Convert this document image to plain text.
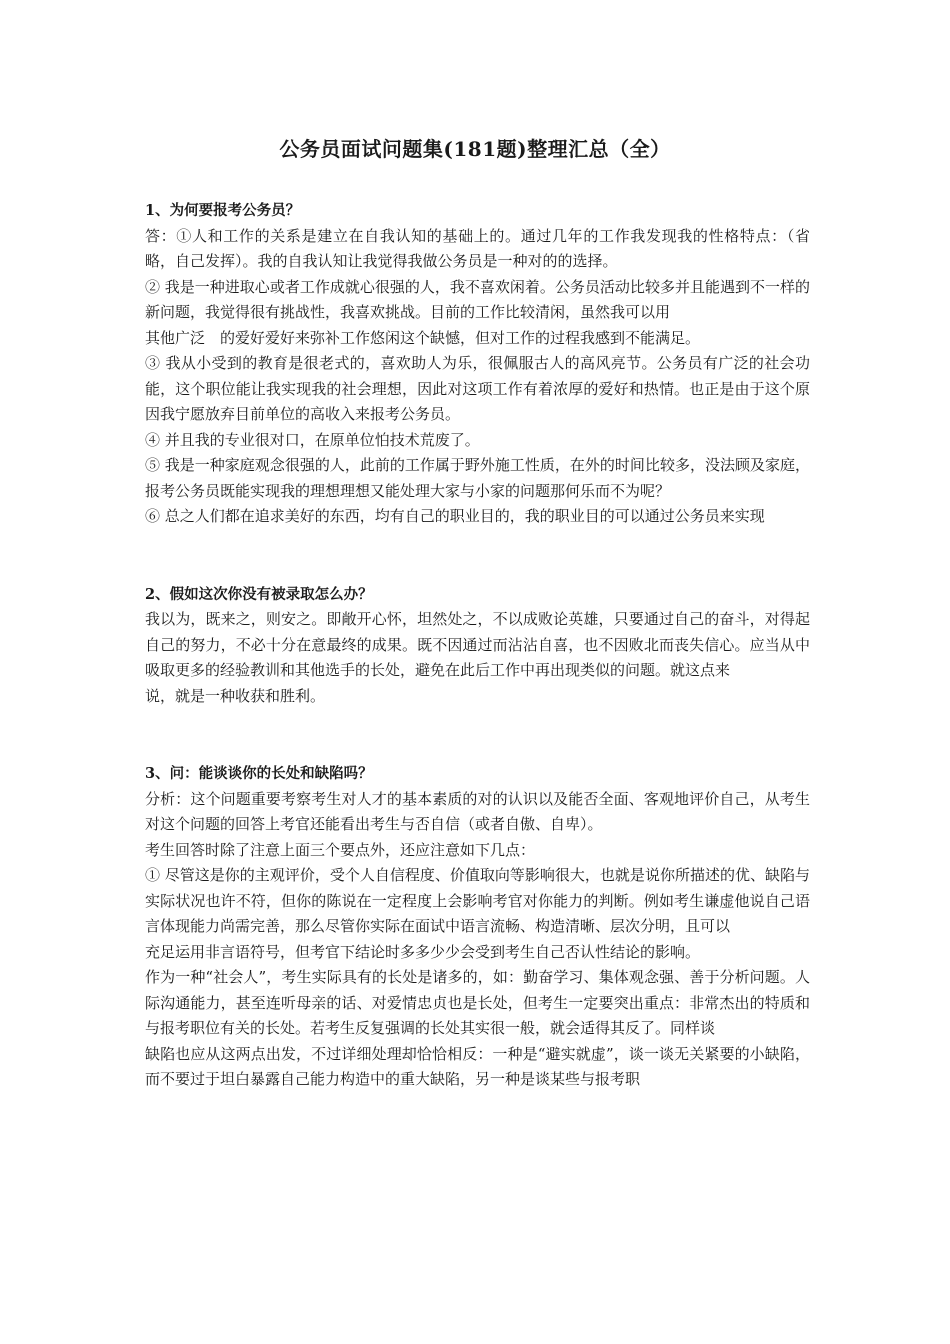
公务员面试问题集(181题)整理汇总（全）

1、为何要报考公务员？

答：①人和工作的关系是建立在自我认知的基础上的。通过几年的工作我发现我的性格特点：（省略，自己发挥）。我的自我认知让我觉得我做公务员是一种对的的选择。

② 我是一种进取心或者工作成就心很强的人，我不喜欢闲着。公务员活动比较多并且能遇到不一样的新问题，我觉得很有挑战性，我喜欢挑战。目前的工作比较清闲，虽然我可以用

其他广泛　的爱好爱好来弥补工作悠闲这个缺憾，但对工作的过程我感到不能满足。

③ 我从小受到的教育是很老式的，喜欢助人为乐，很佩服古人的高风亮节。公务员有广泛的社会功能，这个职位能让我实现我的社会理想，因此对这项工作有着浓厚的爱好和热情。也正是由于这个原因我宁愿放弃目前单位的高收入来报考公务员。

④ 并且我的专业很对口，在原单位怕技术荒废了。

⑤ 我是一种家庭观念很强的人，此前的工作属于野外施工性质，在外的时间比较多，没法顾及家庭，报考公务员既能实现我的理想理想又能处理大家与小家的问题那何乐而不为呢？

⑥ 总之人们都在追求美好的东西，均有自己的职业目的，我的职业目的可以通过公务员来实现

2、假如这次你没有被录取怎么办？

我以为，既来之，则安之。即敞开心怀，坦然处之，不以成败论英雄，只要通过自己的奋斗，对得起自己的努力，不必十分在意最终的成果。既不因通过而沾沾自喜，也不因败北而丧失信心。应当从中吸取更多的经验教训和其他选手的长处，避免在此后工作中再出现类似的问题。就这点来

说，就是一种收获和胜利。

3、问：能谈谈你的长处和缺陷吗？

分析：这个问题重要考察考生对人才的基本素质的对的认识以及能否全面、客观地评价自己，从考生对这个问题的回答上考官还能看出考生与否自信（或者自傲、自卑）。

考生回答时除了注意上面三个要点外，还应注意如下几点：

① 尽管这是你的主观评价，受个人自信程度、价值取向等影响很大，也就是说你所描述的优、缺陷与实际状况也许不符，但你的陈说在一定程度上会影响考官对你能力的判断。例如考生谦虚他说自己语言体现能力尚需完善，那么尽管你实际在面试中语言流畅、构造清晰、层次分明，且可以

充足运用非言语符号，但考官下结论时多多少少会受到考生自己否认性结论的影响。

作为一种“社会人”，考生实际具有的长处是诸多的，如：勤奋学习、集体观念强、善于分析问题。人际沟通能力，甚至连听母亲的话、对爱情忠贞也是长处，但考生一定要突出重点：非常杰出的特质和与报考职位有关的长处。若考生反复强调的长处其实很一般，就会适得其反了。同样谈

缺陷也应从这两点出发，不过详细处理却恰恰相反：一种是“避实就虚”，谈一谈无关紧要的小缺陷，而不要过于坦白暴露自己能力构造中的重大缺陷，另一种是谈某些与报考职
